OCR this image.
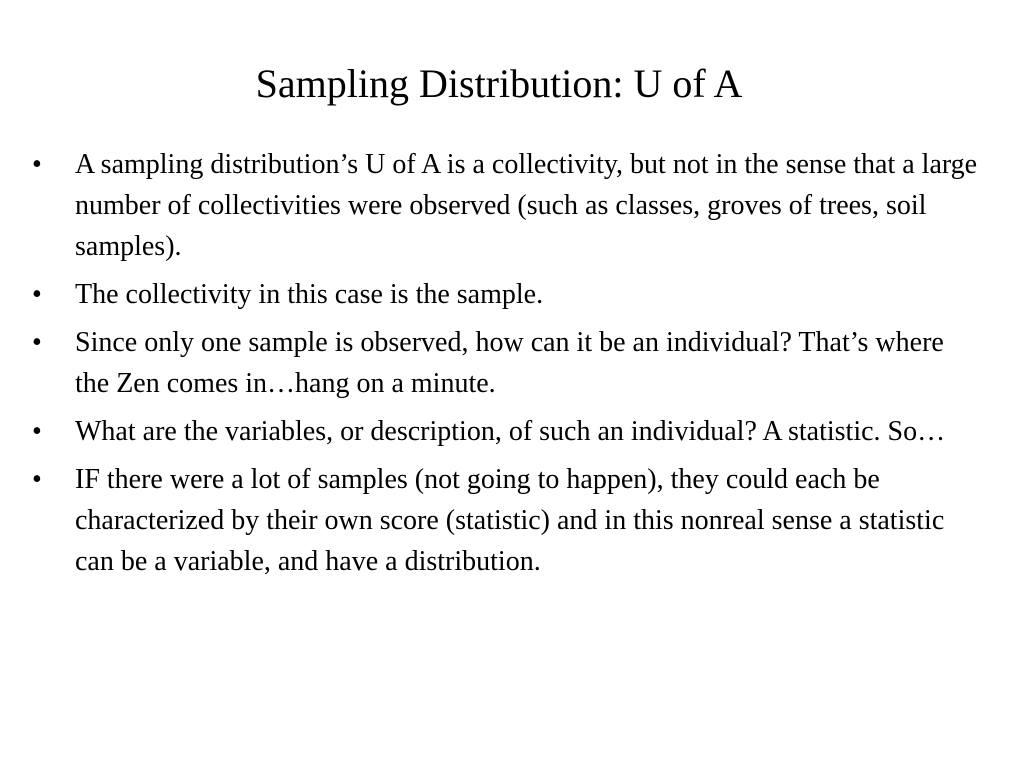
Sampling Distribution: U of A
•	A sampling distribution’s U of A is a collectivity, but not in the sense that a large number of collectivities were observed (such as classes, groves of trees, soil samples).
•	The collectivity in this case is the sample.
•	Since only one sample is observed, how can it be an individual? That’s where the Zen comes in…hang on a minute.
•	What are the variables, or description, of such an individual? A statistic. So…
•	IF there were a lot of samples (not going to happen), they could each be characterized by their own score (statistic) and in this nonreal sense a statistic can be a variable, and have a distribution.
